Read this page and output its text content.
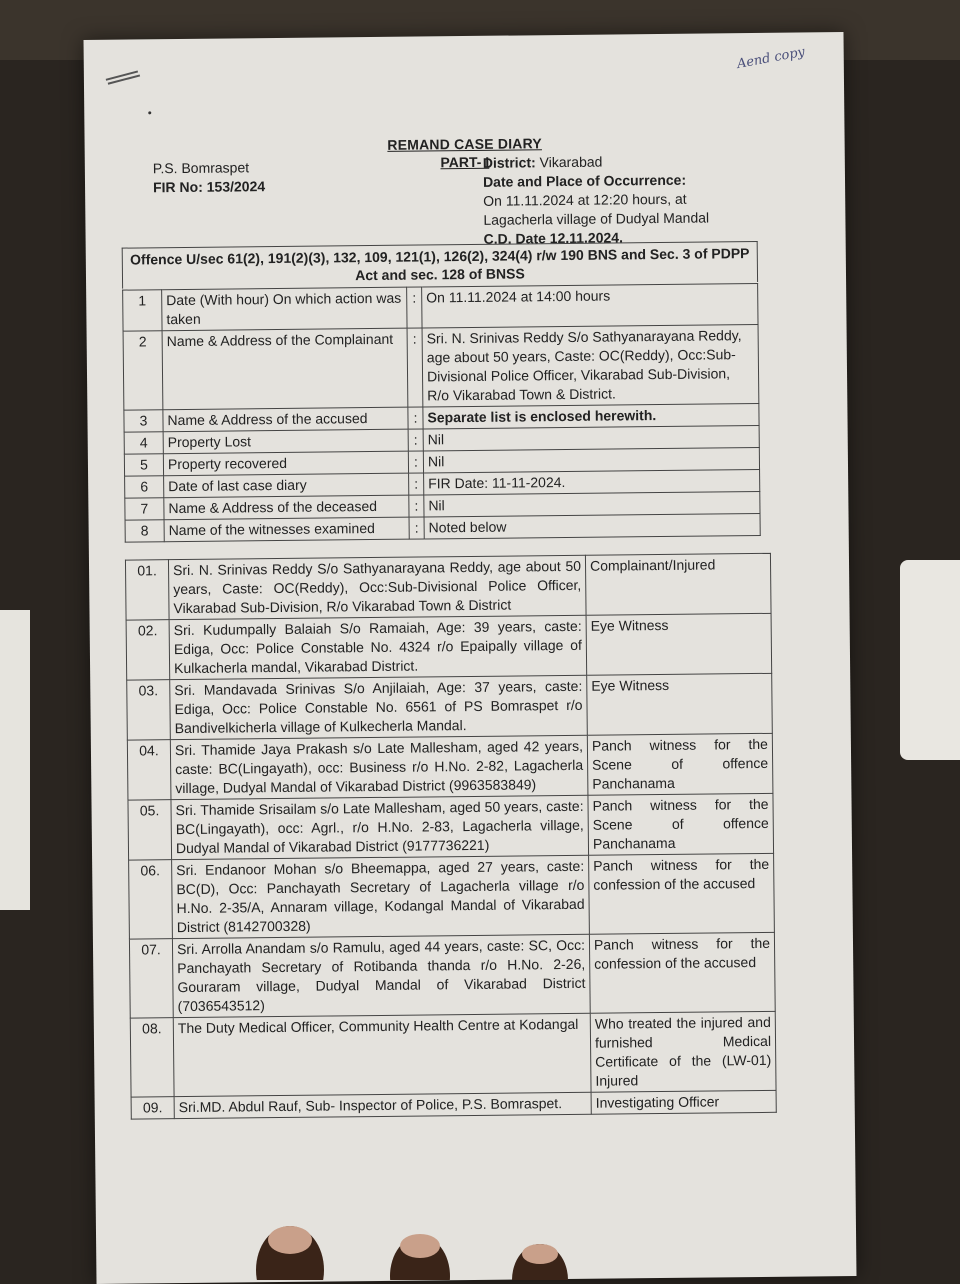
Aend copy
REMAND CASE DIARY
PART- I
P.S. Bomraspet
FIR No: 153/2024
District: Vikarabad
Date and Place of Occurrence:
On 11.11.2024 at 12:20 hours, at Lagacherla village of Dudyal Mandal
C.D. Date 12.11.2024.
Offence U/sec 61(2), 191(2)(3), 132, 109, 121(1), 126(2), 324(4) r/w 190 BNS and Sec. 3 of PDPP Act and sec. 128 of BNSS
1	Date (With hour) On which action was taken	:	On 11.11.2024 at 14:00 hours
2	Name & Address of the Complainant	:	Sri. N. Srinivas Reddy S/o Sathyanarayana Reddy, age about 50 years, Caste: OC(Reddy), Occ:Sub-Divisional Police Officer, Vikarabad Sub-Division, R/o Vikarabad Town & District.
3	Name & Address of the accused	:	Separate list is enclosed herewith.
4	Property Lost	:	Nil
5	Property recovered	:	Nil
6	Date of last case diary	:	FIR Date: 11-11-2024.
7	Name & Address of the deceased	:	Nil
8	Name of the witnesses examined	:	Noted below
01.	Sri. N. Srinivas Reddy S/o Sathyanarayana Reddy, age about 50 years, Caste: OC(Reddy), Occ:Sub-Divisional Police Officer, Vikarabad Sub-Division, R/o Vikarabad Town & District	Complainant/Injured
02.	Sri. Kudumpally Balaiah S/o Ramaiah, Age: 39 years, caste: Ediga, Occ: Police Constable No. 4324 r/o Epaipally village of Kulkacherla mandal, Vikarabad District.	Eye Witness
03.	Sri. Mandavada Srinivas S/o Anjilaiah, Age: 37 years, caste: Ediga, Occ: Police Constable No. 6561 of PS Bomraspet r/o Bandivelkicherla village of Kulkecherla Mandal.	Eye Witness
04.	Sri. Thamide Jaya Prakash s/o Late Mallesham, aged 42 years, caste: BC(Lingayath), occ: Business r/o H.No. 2-82, Lagacherla village, Dudyal Mandal of Vikarabad District (9963583849)	Panch witness for the Scene of offence Panchanama
05.	Sri. Thamide Srisailam s/o Late Mallesham, aged 50 years, caste: BC(Lingayath), occ: Agrl., r/o H.No. 2-83, Lagacherla village, Dudyal Mandal of Vikarabad District (9177736221)	Panch witness for the Scene of offence Panchanama
06.	Sri. Endanoor Mohan s/o Bheemappa, aged 27 years, caste: BC(D), Occ: Panchayath Secretary of Lagacherla village r/o H.No. 2-35/A, Annaram village, Kodangal Mandal of Vikarabad District (8142700328)	Panch witness for the confession of the accused
07.	Sri. Arrolla Anandam s/o Ramulu, aged 44 years, caste: SC, Occ: Panchayath Secretary of Rotibanda thanda r/o H.No. 2-26, Gouraram village, Dudyal Mandal of Vikarabad District (7036543512)	Panch witness for the confession of the accused
08.	The Duty Medical Officer, Community Health Centre at Kodangal	Who treated the injured and furnished Medical Certificate of the (LW-01) Injured
09.	Sri.MD. Abdul Rauf, Sub- Inspector of Police, P.S. Bomraspet.	Investigating Officer
